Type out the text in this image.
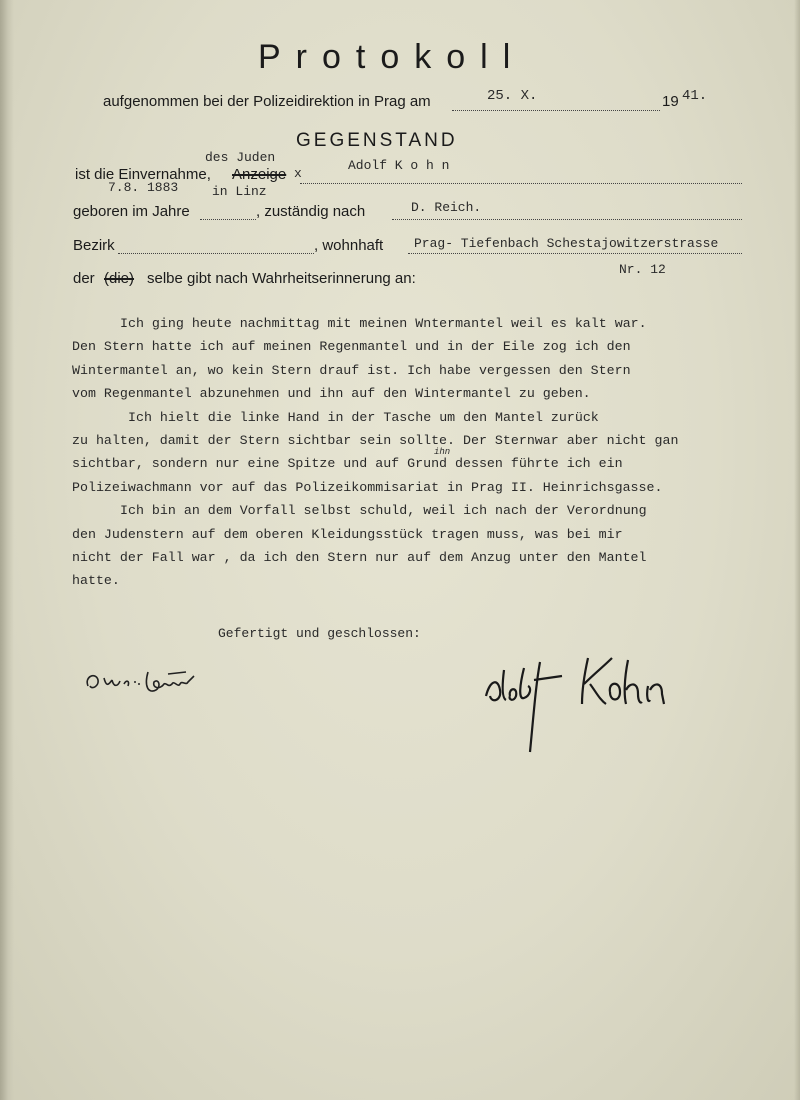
Protokoll
aufgenommen bei der Polizeidirektion in Prag am	25. X.	19 41.
GEGENSTAND
des Juden
Adolf K o h n
ist die Einvernahme, Anzeige x
7.8. 1883	in Linz
geboren im Jahre	, zuständig nach	D. Reich.
Bezirk	, wohnhaft Prag- Tiefenbach Schestajowitzerstrasse
Nr. 12
der (die) selbe gibt nach Wahrheitserinnerung an:
Ich ging heute nachmittag mit meinen Wntermantel weil es kalt war.
Den Stern hatte ich auf meinen Regenmantel und in der Eile zog ich den
Wintermantel an, wo kein Stern drauf ist. Ich habe vergessen den Stern
vom Regenmantel abzunehmen und ihn auf den Wintermantel zu geben.
Ich hielt die linke Hand in der Tasche um den Mantel zurück
zu halten, damit der Stern sichtbar sein sollte. Der Sternwar aber nicht gan
sichtbar, sondern nur eine Spitze und auf Grund dessen führte ich ein
Polizeiwachmann vor auf das Polizeikommisariat in Prag II. Heinrichsgasse.
Ich bin an dem Vorfall selbst schuld, weil ich nach der Verordnung
den Judenstern auf dem oberen Kleidungsstück tragen muss, was bei mir
nicht der Fall war , da ich den Stern nur auf dem Anzug unter den Mantel
hatte.
ihn
Gefertigt und geschlossen:
